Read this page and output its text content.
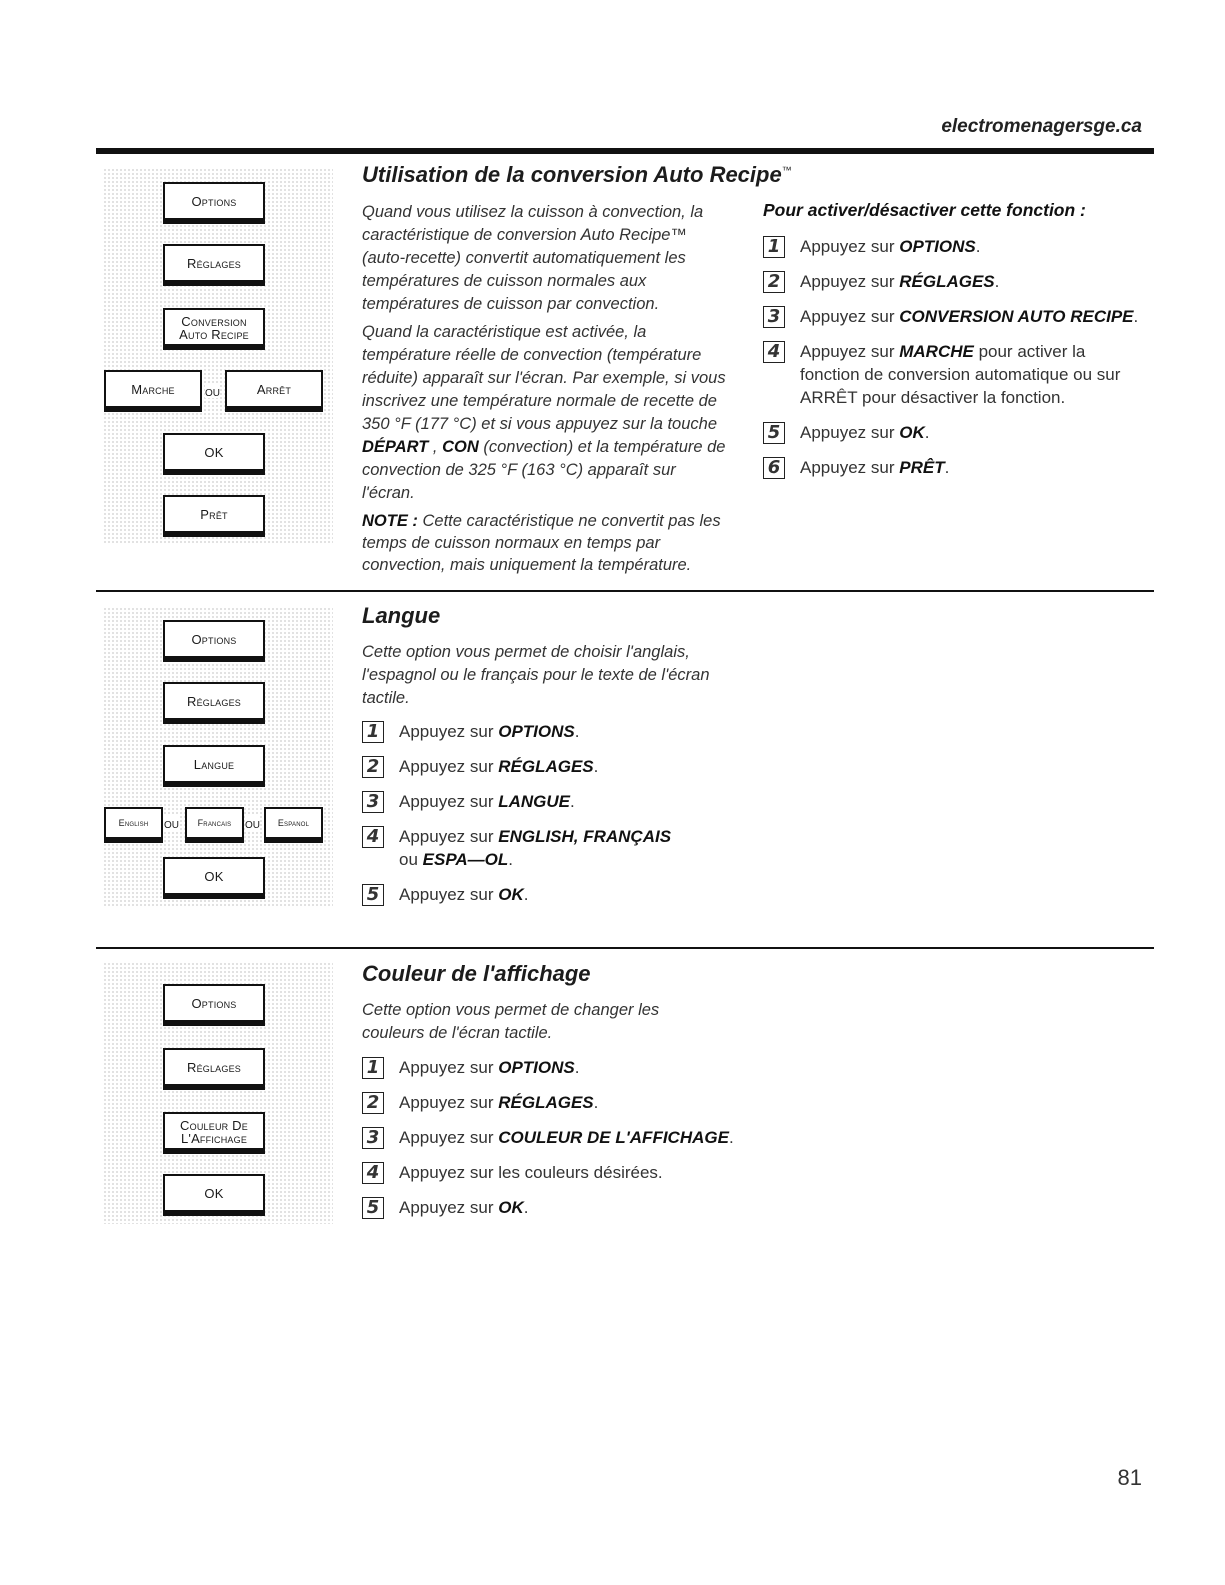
electromenagersge.ca
Options
Réglages
Conversion
Auto Recipe
Marche	ou	Arrêt
OK
Prêt
Utilisation de la conversion Auto Recipe™

Quand vous utilisez la cuisson à convection, la caractéristique de conversion Auto Recipe™ (auto-recette) convertit automatiquement les températures de cuisson normales aux températures de cuisson par convection.

Quand la caractéristique est activée, la température réelle de convection (température réduite) apparaît sur l'écran. Par exemple, si vous inscrivez une température normale de recette de 350 °F (177 °C) et si vous appuyez sur la touche DÉPART , CON (convection) et la température de convection de 325 °F (163 °C) apparaît sur l'écran.

NOTE : Cette caractéristique ne convertit pas les temps de cuisson normaux en temps par convection, mais uniquement la température.

Pour activer/désactiver cette fonction :
1 Appuyez sur OPTIONS.
2 Appuyez sur RÉGLAGES.
3 Appuyez sur CONVERSION AUTO RECIPE.
4 Appuyez sur MARCHE pour activer la fonction de conversion automatique ou sur ARRÊT pour désactiver la fonction.
5 Appuyez sur OK.
6 Appuyez sur PRÊT.
Options
Réglages
Langue
English	ou	Francais ou	Espanol
OK
Langue

Cette option vous permet de choisir l'anglais, l'espagnol ou le français pour le texte de l'écran tactile.

1 Appuyez sur OPTIONS.
2 Appuyez sur RÉGLAGES.
3 Appuyez sur LANGUE.
4 Appuyez sur ENGLISH, FRANÇAIS
ou ESPA—OL.
5 Appuyez sur OK.
Options
Réglages
Couleur De
L'Affichage
OK
Couleur de l'affichage

Cette option vous permet de changer les couleurs de l'écran tactile.

1 Appuyez sur OPTIONS.
2 Appuyez sur RÉGLAGES.
3 Appuyez sur COULEUR DE L'AFFICHAGE.
4 Appuyez sur les couleurs désirées.
5 Appuyez sur OK.
81
